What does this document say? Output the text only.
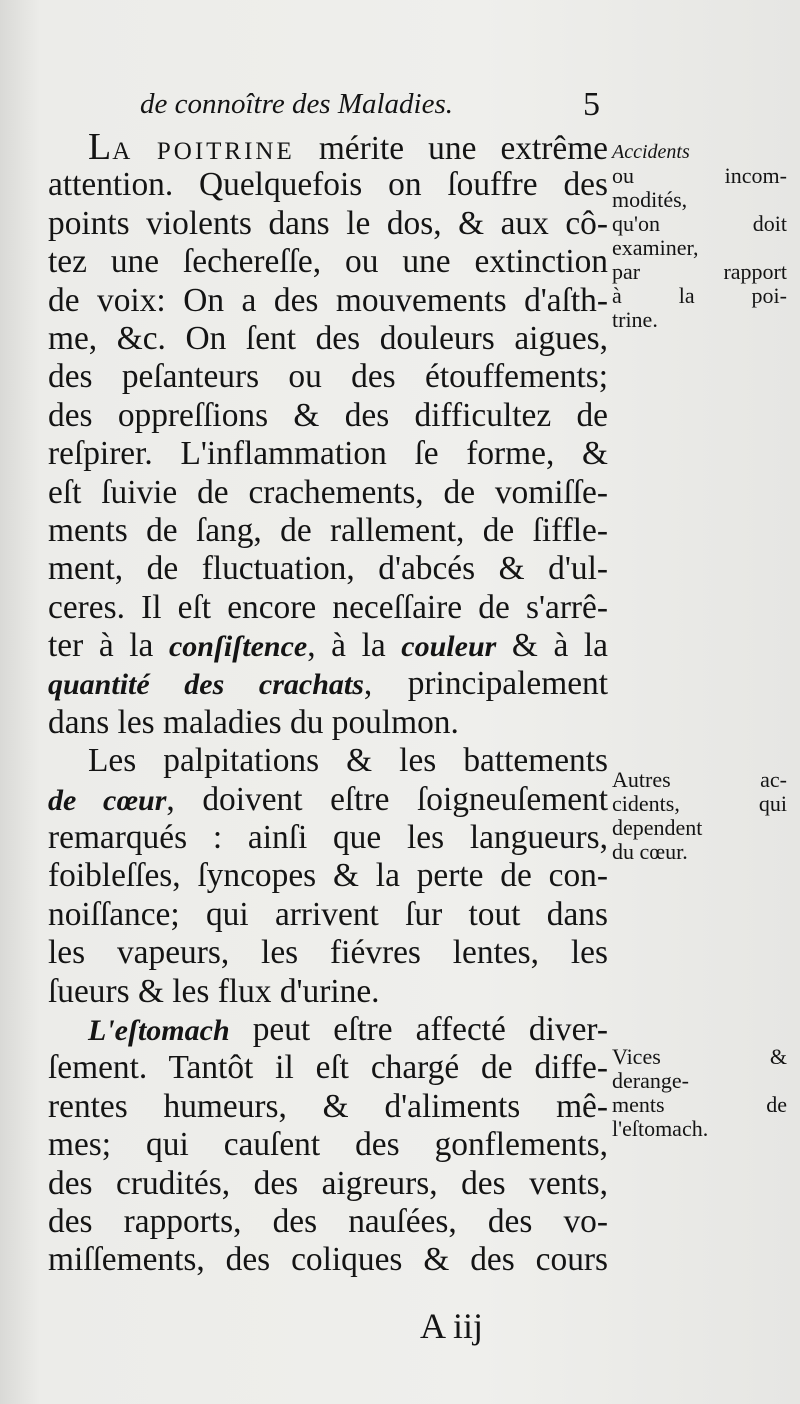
de connoître des Maladies.	5
LA POITRINE mérite une extrême
attention. Quelquefois on ſouffre des
points violents dans le dos, & aux cô-
tez une ſechereſſe, ou une extinction
de voix: On a des mouvements d'aſth-
me, &c. On ſent des douleurs aigues,
des peſanteurs ou des étouffements;
des oppreſſions & des difficultez de
reſpirer. L'inflammation ſe forme, &
eſt ſuivie de crachements, de vomiſſe-
ments de ſang, de rallement, de ſiffle-
ment, de fluctuation, d'abcés & d'ul-
ceres. Il eſt encore neceſſaire de s'arrê-
ter à la conſiſtence, à la couleur & à la
quantité des crachats, principalement
dans les maladies du poulmon.
Les palpitations & les battements
de cœur, doivent eſtre ſoigneuſement
remarqués : ainſi que les langueurs,
foibleſſes, ſyncopes & la perte de con-
noiſſance; qui arrivent ſur tout dans
les vapeurs, les fiévres lentes, les
ſueurs & les flux d'urine.
L'eſtomach peut eſtre affecté diver-
ſement. Tantôt il eſt chargé de diffe-
rentes humeurs, & d'aliments mê-
mes; qui cauſent des gonflements,
des crudités, des aigreurs, des vents,
des rapports, des nauſées, des vo-
miſſements, des coliques & des cours
Accidents
ou incom-
modités,
qu'on doit
examiner,
par rapport
à la poi-
trine.
Autres ac-
cidents, qui
dependent
du cœur.
Vices &
derange-
ments de
l'eſtomach.
A iij
